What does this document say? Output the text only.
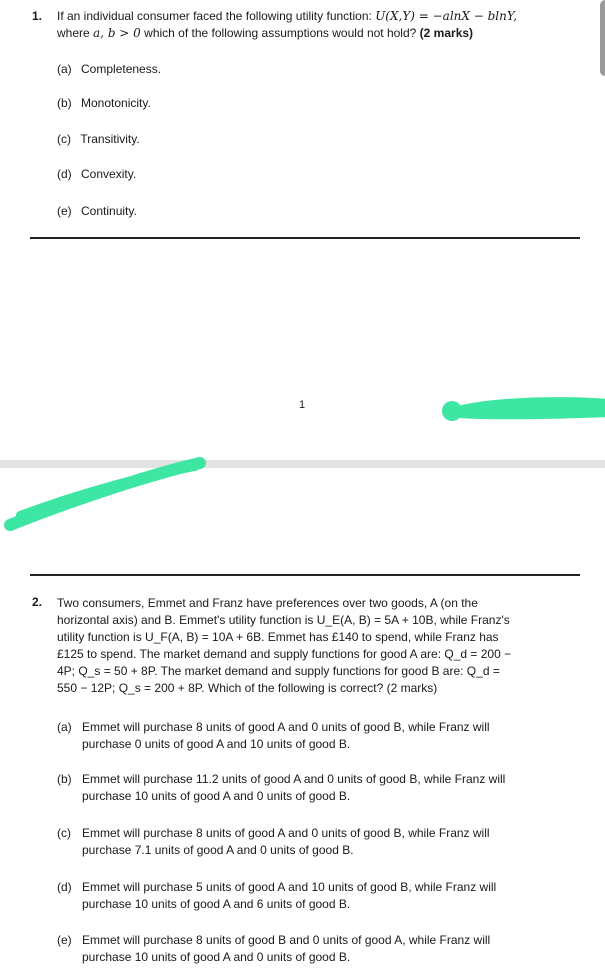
1. If an individual consumer faced the following utility function: U(X,Y) = −alnX − blnY,
where a, b > 0 which of the following assumptions would not hold? (2 marks)
(a) Completeness.
(b) Monotonicity.
(c) Transitivity.
(d) Convexity.
(e) Continuity.
1
2. Two consumers, Emmet and Franz have preferences over two goods, A (on the
horizontal axis) and B. Emmet's utility function is U_E(A, B) = 5A + 10B, while Franz's
utility function is U_F(A, B) = 10A + 6B. Emmet has £140 to spend, while Franz has
£125 to spend. The market demand and supply functions for good A are: Q_d = 200 −
4P; Q_s = 50 + 8P. The market demand and supply functions for good B are: Q_d =
550 − 12P; Q_s = 200 + 8P. Which of the following is correct? (2 marks)
(a) Emmet will purchase 8 units of good A and 0 units of good B, while Franz will
purchase 0 units of good A and 10 units of good B.
(b) Emmet will purchase 11.2 units of good A and 0 units of good B, while Franz will
purchase 10 units of good A and 0 units of good B.
(c) Emmet will purchase 8 units of good A and 0 units of good B, while Franz will
purchase 7.1 units of good A and 0 units of good B.
(d) Emmet will purchase 5 units of good A and 10 units of good B, while Franz will
purchase 10 units of good A and 6 units of good B.
(e) Emmet will purchase 8 units of good B and 0 units of good A, while Franz will
purchase 10 units of good A and 0 units of good B.
